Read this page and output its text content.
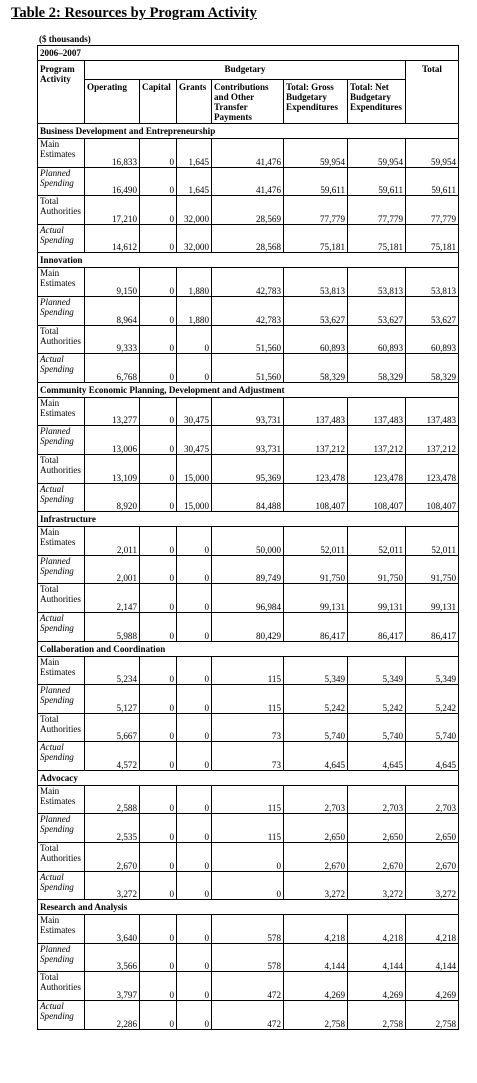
Table 2: Resources by Program Activity
($ thousands)
2006–2007							
Program Activity	Budgetary						Total
	Operating	Capital	Grants	Contributions and Other Transfer Payments	Total: Gross Budgetary Expenditures	Total: Net Budgetary Expenditures	
Business Development and Entrepreneurship							
Main Estimates	16,833	0	1,645	41,476	59,954	59,954	59,954
Planned Spending	16,490	0	1,645	41,476	59,611	59,611	59,611
Total Authorities	17,210	0	32,000	28,569	77,779	77,779	77,779
Actual Spending	14,612	0	32,000	28,568	75,181	75,181	75,181
Innovation							
Main Estimates	9,150	0	1,880	42,783	53,813	53,813	53,813
Planned Spending	8,964	0	1,880	42,783	53,627	53,627	53,627
Total Authorities	9,333	0	0	51,560	60,893	60,893	60,893
Actual Spending	6,768	0	0	51,560	58,329	58,329	58,329
Community Economic Planning, Development and Adjustment							
Main Estimates	13,277	0	30,475	93,731	137,483	137,483	137,483
Planned Spending	13,006	0	30,475	93,731	137,212	137,212	137,212
Total Authorities	13,109	0	15,000	95,369	123,478	123,478	123,478
Actual Spending	8,920	0	15,000	84,488	108,407	108,407	108,407
Infrastructure							
Main Estimates	2,011	0	0	50,000	52,011	52,011	52,011
Planned Spending	2,001	0	0	89,749	91,750	91,750	91,750
Total Authorities	2,147	0	0	96,984	99,131	99,131	99,131
Actual Spending	5,988	0	0	80,429	86,417	86,417	86,417
Collaboration and Coordination							
Main Estimates	5,234	0	0	115	5,349	5,349	5,349
Planned Spending	5,127	0	0	115	5,242	5,242	5,242
Total Authorities	5,667	0	0	73	5,740	5,740	5,740
Actual Spending	4,572	0	0	73	4,645	4,645	4,645
Advocacy							
Main Estimates	2,588	0	0	115	2,703	2,703	2,703
Planned Spending	2,535	0	0	115	2,650	2,650	2,650
Total Authorities	2,670	0	0	0	2,670	2,670	2,670
Actual Spending	3,272	0	0	0	3,272	3,272	3,272
Research and Analysis							
Main Estimates	3,640	0	0	578	4,218	4,218	4,218
Planned Spending	3,566	0	0	578	4,144	4,144	4,144
Total Authorities	3,797	0	0	472	4,269	4,269	4,269
Actual Spending	2,286	0	0	472	2,758	2,758	2,758
